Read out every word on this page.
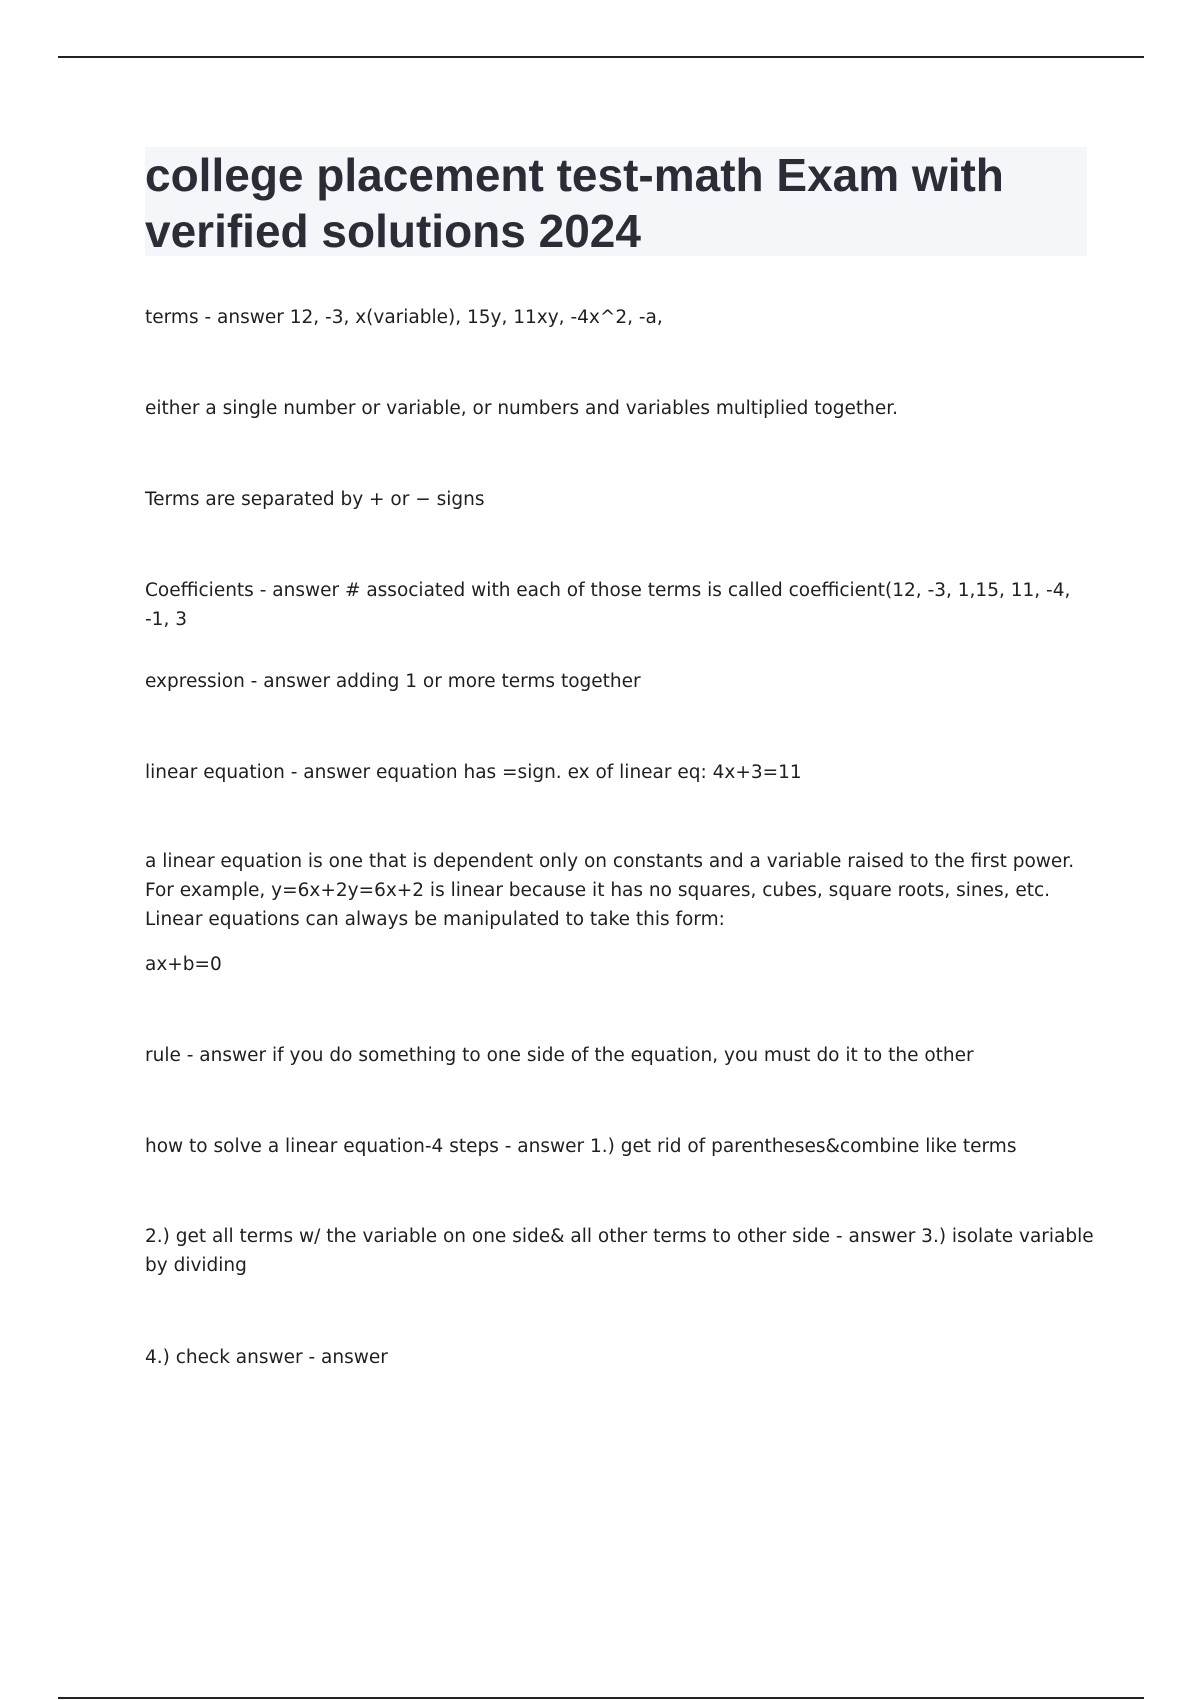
college placement test-math Exam with verified solutions 2024

terms - answer 12, -3, x(variable), 15y, 11xy, -4x^2, -a,

either a single number or variable, or numbers and variables multiplied together.

Terms are separated by + or − signs

Coefficients - answer # associated with each of those terms is called coefficient(12, -3, 1,15, 11, -4, -1, 3

expression - answer adding 1 or more terms together

linear equation - answer equation has =sign. ex of linear eq: 4x+3=11

a linear equation is one that is dependent only on constants and a variable raised to the first power. For example, y=6x+2y=6x+2 is linear because it has no squares, cubes, square roots, sines, etc. Linear equations can always be manipulated to take this form:

ax+b=0

rule - answer if you do something to one side of the equation, you must do it to the other

how to solve a linear equation-4 steps - answer 1.) get rid of parentheses&combine like terms

2.) get all terms w/ the variable on one side& all other terms to other side - answer 3.) isolate variable by dividing

4.) check answer - answer
